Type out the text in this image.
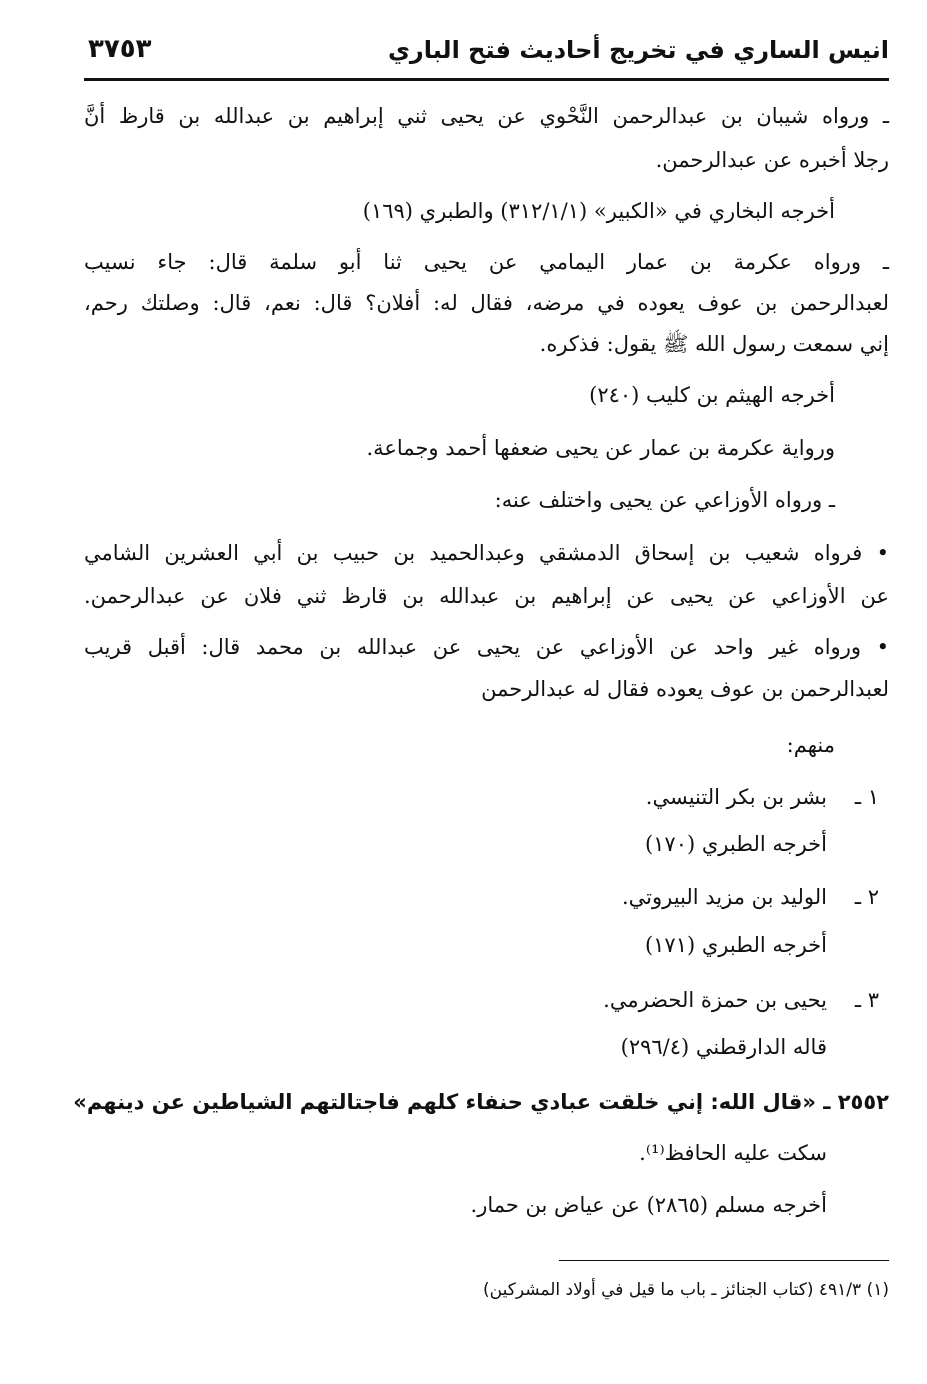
انيس الساري في تخريج أحاديث فتح الباري
٣٧٥٣
ـ ورواه شيبان بن عبدالرحمن النَّحْوي عن يحيى ثني إبراهيم بن عبدالله بن قارظ أنَّ
رجلا أخبره عن عبدالرحمن.
أخرجه البخاري في «الكبير» (٣١٢/١/١) والطبري (١٦٩)
ـ ورواه عكرمة بن عمار اليمامي عن يحيى ثنا أبو سلمة قال: جاء نسيب
لعبدالرحمن بن عوف يعوده في مرضه، فقال له: أفلان؟ قال: نعم، قال: وصلتك رحم،
إني سمعت رسول الله ﷺ يقول: فذكره.
أخرجه الهيثم بن كليب (٢٤٠)
ورواية عكرمة بن عمار عن يحيى ضعفها أحمد وجماعة.
ـ ورواه الأوزاعي عن يحيى واختلف عنه:
• فرواه شعيب بن إسحاق الدمشقي وعبدالحميد بن حبيب بن أبي العشرين الشامي
عن الأوزاعي عن يحيى عن إبراهيم بن عبدالله بن قارظ ثني فلان عن عبدالرحمن.
• ورواه غير واحد عن الأوزاعي عن يحيى عن عبدالله بن محمد قال: أقبل قريب
لعبدالرحمن بن عوف يعوده فقال له عبدالرحمن
منهم:
١ ـ
بشر بن بكر التنيسي.
أخرجه الطبري (١٧٠)
٢ ـ
الوليد بن مزيد البيروتي.
أخرجه الطبري (١٧١)
٣ ـ
يحيى بن حمزة الحضرمي.
قاله الدارقطني (٢٩٦/٤)
٢٥٥٢ ـ «قال الله: إني خلقت عبادي حنفاء كلهم فاجتالتهم الشياطين عن دينهم»
سكت عليه الحافظ⁽¹⁾.
أخرجه مسلم (٢٨٦٥) عن عياض بن حمار.
(١) ٤٩١/٣ (كتاب الجنائز ـ باب ما قيل في أولاد المشركين)
